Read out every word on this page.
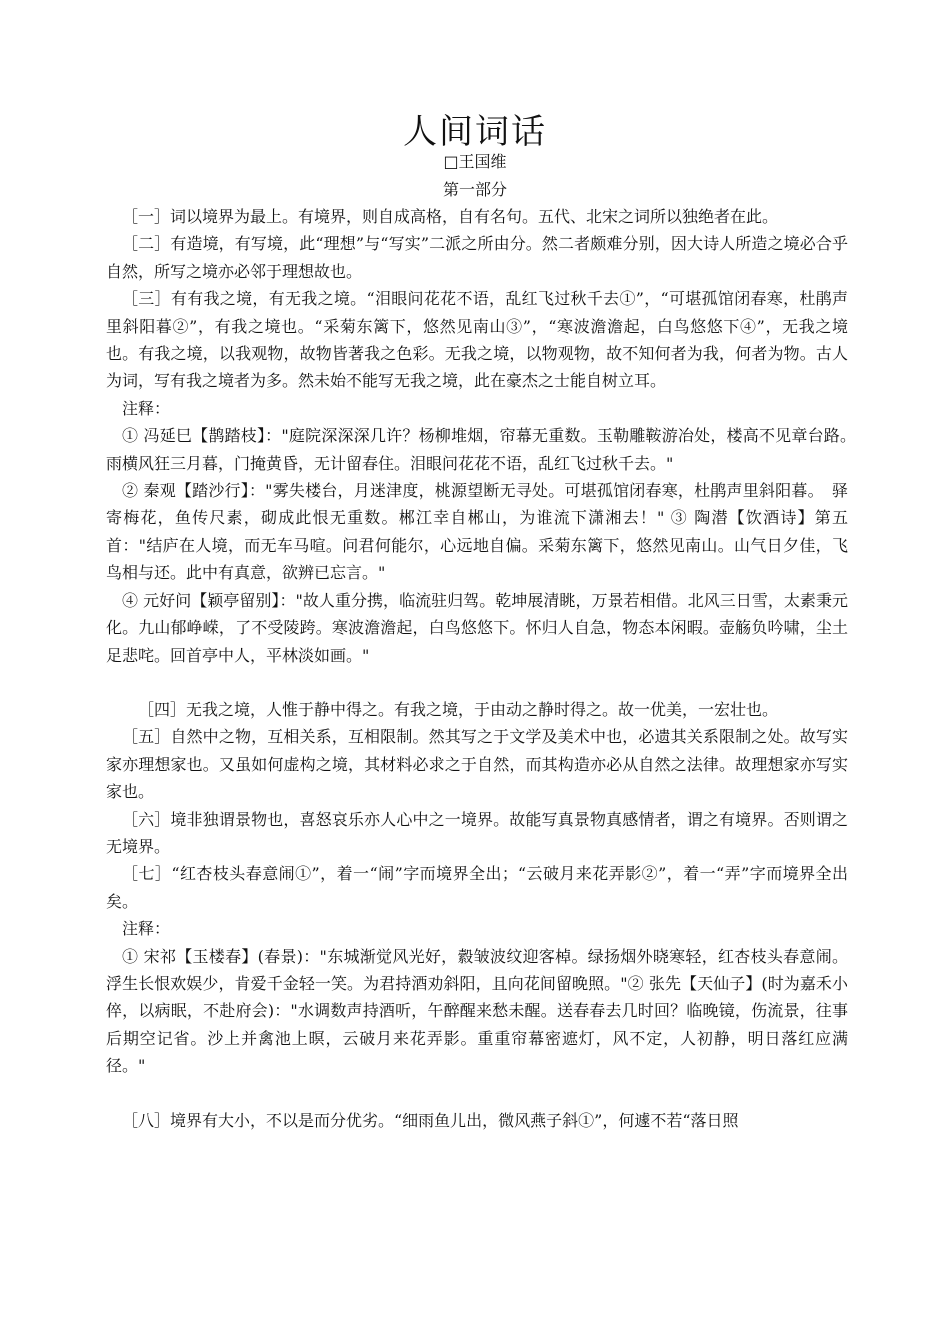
人间词话
□王国维
第一部分

［一］词以境界为最上。有境界，则自成高格，自有名句。五代、北宋之词所以独绝者在此。

［二］有造境，有写境，此“理想”与“写实”二派之所由分。然二者颇难分别，因大诗人所造之境必合乎自然，所写之境亦必邻于理想故也。

［三］有有我之境，有无我之境。“泪眼问花花不语，乱红飞过秋千去①”，“可堪孤馆闭春寒，杜鹃声里斜阳暮②”，有我之境也。“采菊东篱下，悠然见南山③”，“寒波澹澹起，白鸟悠悠下④”，无我之境也。有我之境，以我观物，故物皆著我之色彩。无我之境，以物观物，故不知何者为我，何者为物。古人为词，写有我之境者为多。然未始不能写无我之境，此在豪杰之士能自树立耳。

注释：

① 冯延巳【鹊踏枝】："庭院深深深几许？杨柳堆烟，帘幕无重数。玉勒雕鞍游冶处，楼高不见章台路。　雨横风狂三月暮，门掩黄昏，无计留春住。泪眼问花花不语，乱红飞过秋千去。"

② 秦观【踏沙行】："雾失楼台，月迷津度，桃源望断无寻处。可堪孤馆闭春寒，杜鹃声里斜阳暮。　驿寄梅花，鱼传尺素，砌成此恨无重数。郴江幸自郴山，为谁流下潇湘去！" ③ 陶潜【饮酒诗】第五首："结庐在人境，而无车马喧。问君何能尔，心远地自偏。采菊东篱下，悠然见南山。山气日夕佳，飞鸟相与还。此中有真意，欲辨已忘言。"

④ 元好问【颖亭留别】："故人重分携，临流驻归驾。乾坤展清眺，万景若相借。北风三日雪，太素秉元化。九山郁峥嵘，了不受陵跨。寒波澹澹起，白鸟悠悠下。怀归人自急，物态本闲暇。壶觞负吟啸，尘土足悲咤。回首亭中人，平林淡如画。"

［四］无我之境，人惟于静中得之。有我之境，于由动之静时得之。故一优美，一宏壮也。

［五］自然中之物，互相关系，互相限制。然其写之于文学及美术中也，必遗其关系限制之处。故写实家亦理想家也。又虽如何虚构之境，其材料必求之于自然，而其构造亦必从自然之法律。故理想家亦写实家也。

［六］境非独谓景物也，喜怒哀乐亦人心中之一境界。故能写真景物真感情者，谓之有境界。否则谓之无境界。

［七］“红杏枝头春意闹①”，着一“闹”字而境界全出；“云破月来花弄影②”，着一“弄”字而境界全出矣。

注释：

① 宋祁【玉楼春】(春景)："东城渐觉风光好，縠皱波纹迎客棹。绿扬烟外晓寒轻，红杏枝头春意闹。浮生长恨欢娱少，肯爱千金轻一笑。为君持酒劝斜阳，且向花间留晚照。"② 张先【天仙子】(时为嘉禾小倅，以病眠，不赴府会)："水调数声持酒听，午醉醒来愁未醒。送春春去几时回？临晚镜，伤流景，往事后期空记省。沙上并禽池上暝，云破月来花弄影。重重帘幕密遮灯，风不定，人初静，明日落红应满径。"

［八］境界有大小，不以是而分优劣。“细雨鱼儿出，微风燕子斜①”，何遽不若“落日照
